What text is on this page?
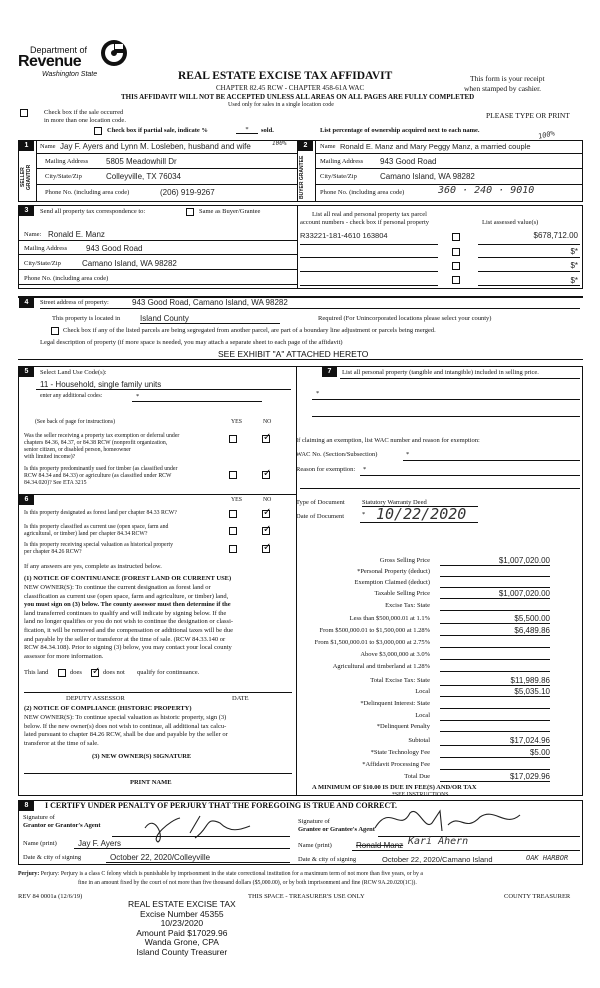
Department of
Revenue
Washington State	REAL ESTATE EXCISE TAX AFFIDAVIT
CHAPTER 82.45 RCW - CHAPTER 458-61A WAC
THIS AFFIDAVIT WILL NOT BE ACCEPTED UNLESS ALL AREAS ON ALL PAGES ARE FULLY COMPLETED
Used only for sales in a single location code
This form is your receipt
when stamped by cashier.
PLEASE TYPE OR PRINT
Check box if the sale occurred
in more than one location code.
Check box if partial sale, indicate %	*	sold.	List percentage of ownership acquired next to each name.	100%
1
SELLER GRANTOR
Name Jay F. Ayers and Lynn M. Losleben, husband and wife	100%
Mailing Address 5805 Meadowhill Dr
City/State/Zip	Colleyville, TX 76034
Phone No. (including area code)	(206) 919-9267
2
BUYER GRANTEE
Name Ronald E. Manz and Mary Peggy Manz, a married couple
Mailing Address 943 Good Road
City/State/Zip	Camano Island, WA 98282
Phone No. (including area code)	360 · 240 · 9010
3	Send all property tax correspondence to:	Same as Buyer/Grantee
Name: Ronald E. Manz
Mailing Address 943 Good Road
City/State/Zip	Camano Island, WA 98282
Phone No. (including area code)
List all real and personal property tax parcel
account numbers - check box if personal property	List assessed value(s)
R33221-181-4610 163804	$678,712.00
$*
$*
$*
4	Street address of property:	943 Good Road, Camano Island, WA 98282
This property is located in Island County	Required (For Unincorporated locations please select your county)
Check box if any of the listed parcels are being segregated from another parcel, are part of a boundary line adjustment or parcels being merged.
Legal description of property (if more space is needed, you may attach a separate sheet to each page of the affidavit)
SEE EXHIBIT "A" ATTACHED HERETO
5	Select Land Use Code(s):
11 - Household, single family units
enter any additional codes:	*
(See back of page for instructions)	YES	NO
Was the seller receiving a property tax exemption or deferral under
chapters 84.36, 84.37, or 84.38 RCW (nonprofit organization,
senior citizen, or disabled person, homeowner
with limited income)?
✓
Is this property predominantly used for timber (as classified under
RCW 84.34 and 84.33) or agriculture (as classified under RCW
84.34.020)? See ETA 3215
✓
6	YES	NO
Is this property designated as forest land per chapter 84.33 RCW?
✓
Is this property classified as current use (open space, farm and
agricultural, or timber) land per chapter 84.34 RCW?
✓
Is this property receiving special valuation as historical property
per chapter 84.26 RCW?
✓
If any answers are yes, complete as instructed below.
(1) NOTICE OF CONTINUANCE (FOREST LAND OR CURRENT USE)
NEW OWNER(S): To continue the current designation as forest land or
classification as current use (open space, farm and agriculture, or timber) land,
you must sign on (3) below. The county assessor must then determine if the
land transferred continues to qualify and will indicate by signing below. If the
land no longer qualifies or you do not wish to continue the designation or classi-
fication, it will be removed and the compensation or additional taxes will be due
and payable by the seller or transferor at the time of sale. (RCW 84.33.140 or
RCW 84.34.108). Prior to signing (3) below, you may contact your local county
assessor for more information.
This land	does
✓	does not qualify for continuance.
DEPUTY ASSESSOR	DATE
(2) NOTICE OF COMPLIANCE (HISTORIC PROPERTY)
NEW OWNER(S): To continue special valuation as historic property, sign (3)
below. If the new owner(s) does not wish to continue, all additional tax calcu-
lated pursuant to chapter 84.26 RCW, shall be due and payable by the seller or
transferor at the time of sale.
(3) NEW OWNER(S) SIGNATURE
PRINT NAME
7	List all personal property (tangible and intangible) included in selling price.
*
If claiming an exemption, list WAC number and reason for exemption:
WAC No. (Section/Subsection)	*
Reason for exemption: *
Type of Document	Statutory Warranty Deed
Date of Document	* 10/22/2020
Gross Selling Price	$1,007,020.00
*Personal Property (deduct)
Exemption Claimed (deduct)
Taxable Selling Price	$1,007,020.00
Excise Tax: State
Less than $500,000.01 at 1.1%	$5,500.00
From $500,000.01 to $1,500,000 at 1.28%	$6,489.86
From $1,500,000.01 to $3,000,000 at 2.75%
Above $3,000,000 at 3.0%
Agricultural and timberland at 1.28%
Total Excise Tax: State	$11,989.86
Local	$5,035.10
*Delinquent Interest: State
Local
*Delinquent Penalty
Subtotal	$17,024.96
*State Technology Fee	$5.00
*Affidavit Processing Fee
Total Due	$17,029.96
A MINIMUM OF $10.00 IS DUE IN FEE(S) AND/OR TAX
*SEE INSTRUCTIONS
8	I CERTIFY UNDER PENALTY OF PERJURY THAT THE FOREGOING IS TRUE AND CORRECT.
Signature of
Grantor or Grantor's Agent
Name (print)	Jay F. Ayers
Date & city of signing	October 22, 2020/Colleyville
Signature of
Grantee or Grantee's Agent
Name (print)	Ronald Manz Kari Ahern
Date & city of signing	October 22, 2020/Camano Island	OAK HARBOR
Perjury: Perjury: Perjury is a class C felony which is punishable by imprisonment in the state correctional institution for a maximum term of not more than five years, or by a
fine in an amount fixed by the court of not more than five thousand dollars ($5,000.00), or by both imprisonment and fine (RCW 9A.20.020(1C)).
REV 84 0001a (12/6/19)	THIS SPACE - TREASURER'S USE ONLY	COUNTY TREASURER
REAL ESTATE EXCISE TAX
Excise Number 45355
10/23/2020
Amount Paid $17029.96
Wanda Grone, CPA
Island County Treasurer
